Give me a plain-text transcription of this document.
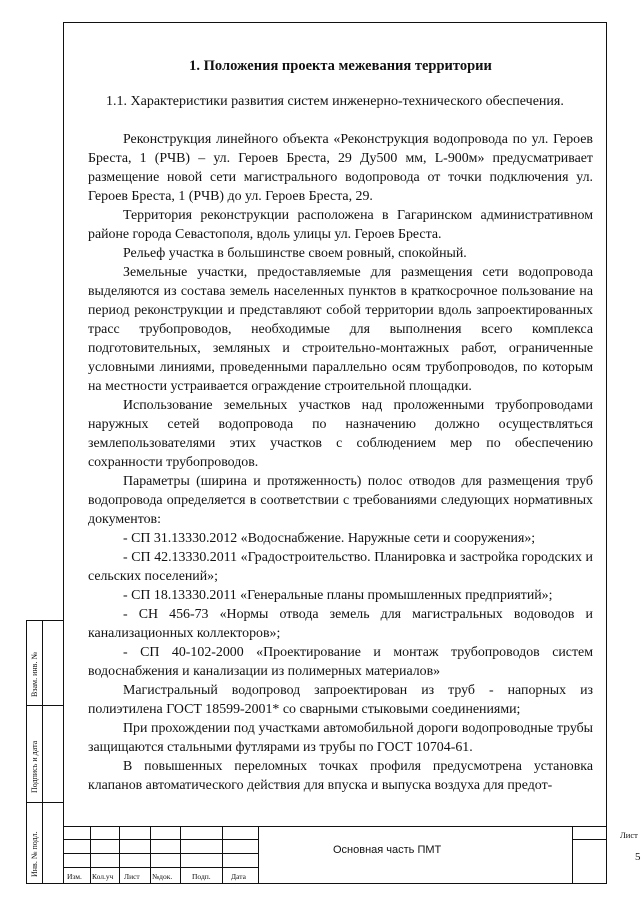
1. Положения проекта межевания территории

1.1. Характеристики развития систем инженерно-технического обеспечения.

Реконструкция линейного объекта «Реконструкция водопровода по ул. Героев Бреста, 1 (РЧВ) – ул. Героев Бреста, 29 Ду500 мм, L-900м» предусматривает размещение новой сети магистрального водопровода от точки подключения ул. Героев Бреста, 1 (РЧВ) до ул. Героев Бреста, 29.

Территория реконструкции расположена в Гагаринском административном районе города Севастополя, вдоль улицы ул. Героев Бреста.

Рельеф участка в большинстве своем ровный, спокойный.

Земельные участки, предоставляемые для размещения сети водопровода выделяются из состава земель населенных пунктов в краткосрочное пользование на период реконструкции и представляют собой территории вдоль запроектированных трасс трубопроводов, необходимые для выполнения всего комплекса подготовительных, земляных и строительно-монтажных работ, ограниченные условными линиями, проведенными параллельно осям трубопроводов, по которым на местности устраивается ограждение строительной площадки.

Использование земельных участков над проложенными трубопроводами наружных сетей водопровода по назначению должно осуществляться землепользователями этих участков с соблюдением мер по обеспечению сохранности трубопроводов.

Параметры (ширина и протяженность) полос отводов для размещения труб водопровода определяется в соответствии с требованиями следующих нормативных документов:

- СП 31.13330.2012 «Водоснабжение. Наружные сети и сооружения»;

- СП 42.13330.2011 «Градостроительство. Планировка и застройка городских и сельских поселений»;

- СП 18.13330.2011 «Генеральные планы промышленных предприятий»;

- СН 456-73 «Нормы отвода земель для магистральных водоводов и канализационных коллекторов»;

- СП 40-102-2000 «Проектирование и монтаж трубопроводов систем водоснабжения и канализации из полимерных материалов»

Магистральный водопровод запроектирован из труб - напорных из полиэтилена ГОСТ 18599-2001* со сварными стыковыми соединениями;

При прохождении под участками автомобильной дороги водопроводные трубы защищаются стальными футлярами из трубы по ГОСТ 10704-61.

В повышенных переломных точках профиля предусмотрена установка клапанов автоматического действия для впуска и выпуска воздуха для предот-

Взам. инв. №
Подпись и дата
Инв. № подл.	Изм. Кол.уч Лист №док.	Подп.	Дата
Основная часть ПМТ
Лист
5
